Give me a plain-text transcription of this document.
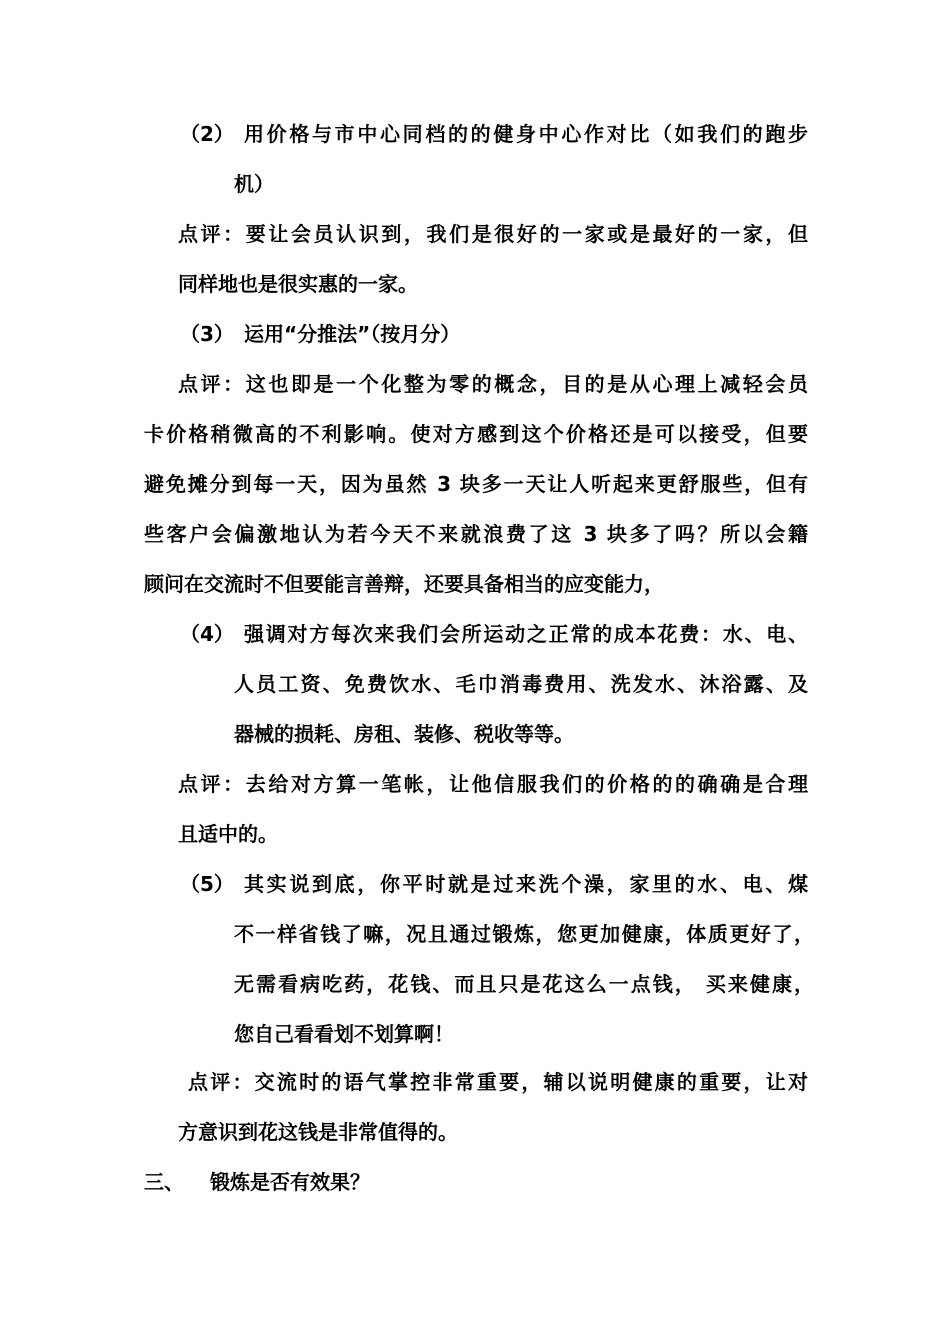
（2） 用价格与市中心同档的的健身中心作对比（如我们的跑步
机）
点评：要让会员认识到，我们是很好的一家或是最好的一家，但
同样地也是很实惠的一家。
（3） 运用“分推法”（按月分）
点评：这也即是一个化整为零的概念，目的是从心理上减轻会员
卡价格稍微高的不利影响。使对方感到这个价格还是可以接受，但要
避免摊分到每一天，因为虽然 3 块多一天让人听起来更舒服些，但有
些客户会偏激地认为若今天不来就浪费了这 3 块多了吗？所以会籍
顾问在交流时不但要能言善辩，还要具备相当的应变能力，
（4） 强调对方每次来我们会所运动之正常的成本花费：水、电、
人员工资、免费饮水、毛巾消毒费用、洗发水、沐浴露、及
器械的损耗、房租、装修、税收等等。
点评：去给对方算一笔帐，让他信服我们的价格的的确确是合理
且适中的。
（5） 其实说到底，你平时就是过来洗个澡，家里的水、电、煤
不一样省钱了嘛，况且通过锻炼，您更加健康，体质更好了，
无需看病吃药，花钱、而且只是花这么一点钱， 买来健康，
您自己看看划不划算啊！
点评：交流时的语气掌控非常重要，辅以说明健康的重要，让对
方意识到花这钱是非常值得的。
三、 锻炼是否有效果？
